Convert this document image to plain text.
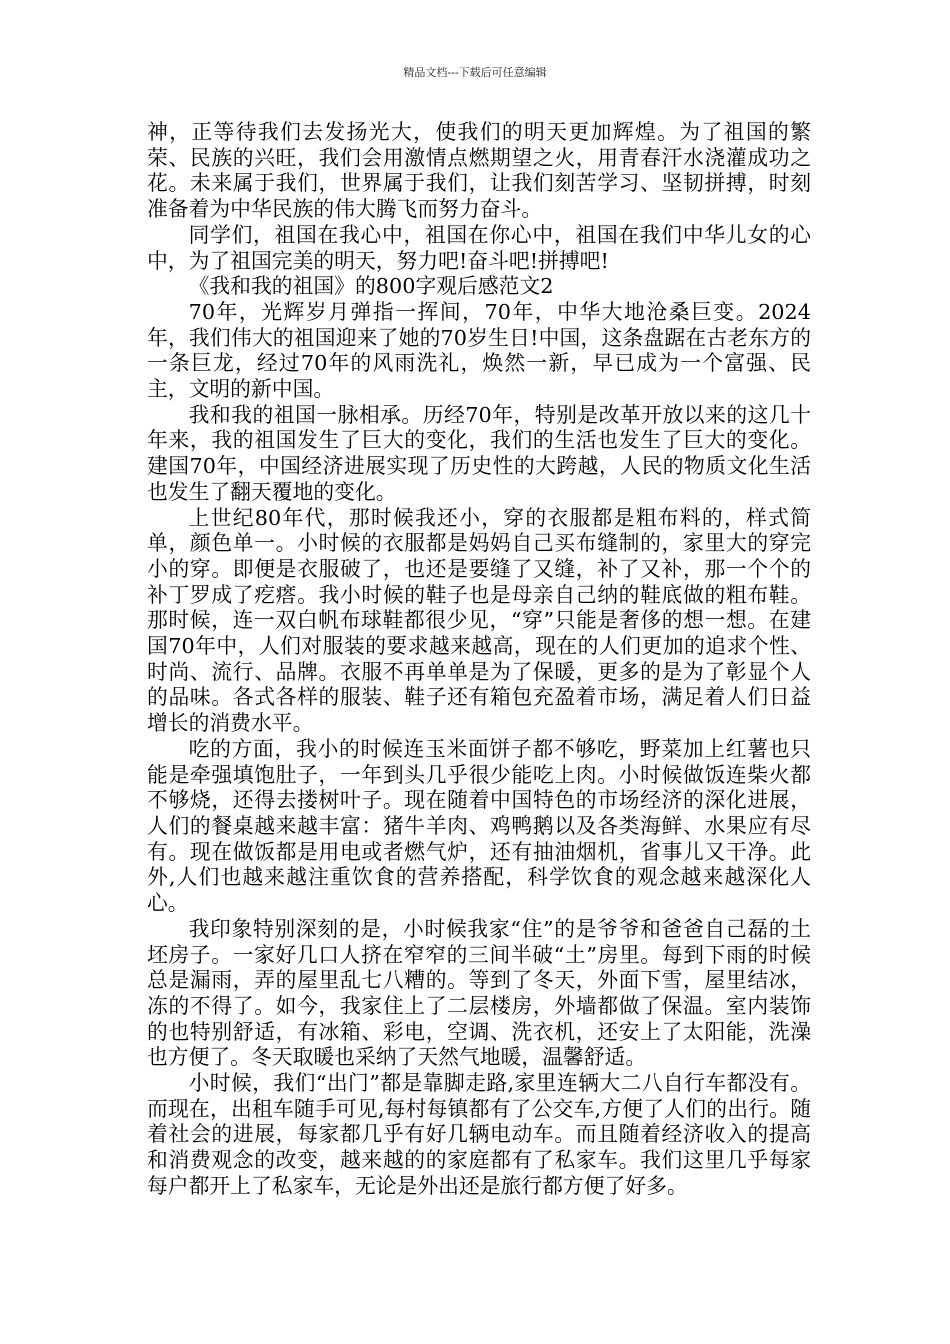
精品文档---下载后可任意编辑

神，正等待我们去发扬光大，使我们的明天更加辉煌。为了祖国的繁荣、民族的兴旺，我们会用激情点燃期望之火，用青春汗水浇灌成功之花。未来属于我们，世界属于我们，让我们刻苦学习、坚韧拼搏，时刻准备着为中华民族的伟大腾飞而努力奋斗。

同学们，祖国在我心中，祖国在你心中，祖国在我们中华儿女的心中，为了祖国完美的明天，努力吧!奋斗吧!拼搏吧!

《我和我的祖国》的800字观后感范文2

70年，光辉岁月弹指一挥间，70年，中华大地沧桑巨变。2024年，我们伟大的祖国迎来了她的70岁生日!中国，这条盘踞在古老东方的一条巨龙，经过70年的风雨洗礼，焕然一新，早已成为一个富强、民主，文明的新中国。

我和我的祖国一脉相承。历经70年，特别是改革开放以来的这几十年来，我的祖国发生了巨大的变化，我们的生活也发生了巨大的变化。建国70年，中国经济进展实现了历史性的大跨越，人民的物质文化生活也发生了翻天覆地的变化。

上世纪80年代，那时候我还小，穿的衣服都是粗布料的，样式简单，颜色单一。小时候的衣服都是妈妈自己买布缝制的，家里大的穿完小的穿。即便是衣服破了，也还是要缝了又缝，补了又补，那一个个的补丁罗成了疙瘩。我小时候的鞋子也是母亲自己纳的鞋底做的粗布鞋。那时候，连一双白帆布球鞋都很少见，“穿”只能是奢侈的想一想。在建国70年中，人们对服装的要求越来越高，现在的人们更加的追求个性、时尚、流行、品牌。衣服不再单单是为了保暖，更多的是为了彰显个人的品味。各式各样的服装、鞋子还有箱包充盈着市场，满足着人们日益增长的消费水平。

吃的方面，我小的时候连玉米面饼子都不够吃，野菜加上红薯也只能是牵强填饱肚子，一年到头几乎很少能吃上肉。小时候做饭连柴火都不够烧，还得去搂树叶子。现在随着中国特色的市场经济的深化进展，人们的餐桌越来越丰富：猪牛羊肉、鸡鸭鹅以及各类海鲜、水果应有尽有。现在做饭都是用电或者燃气炉，还有抽油烟机，省事儿又干净。此外,人们也越来越注重饮食的营养搭配，科学饮食的观念越来越深化人心。

我印象特别深刻的是，小时候我家“住”的是爷爷和爸爸自己磊的土坯房子。一家好几口人挤在窄窄的三间半破“土”房里。每到下雨的时候总是漏雨，弄的屋里乱七八糟的。等到了冬天，外面下雪，屋里结冰，冻的不得了。如今，我家住上了二层楼房，外墙都做了保温。室内装饰的也特别舒适，有冰箱、彩电，空调、洗衣机，还安上了太阳能，洗澡也方便了。冬天取暖也采纳了天然气地暖，温馨舒适。

小时候，我们“出门”都是靠脚走路,家里连辆大二八自行车都没有。而现在，出租车随手可见,每村每镇都有了公交车,方便了人们的出行。随着社会的进展，每家都几乎有好几辆电动车。而且随着经济收入的提高和消费观念的改变，越来越的的家庭都有了私家车。我们这里几乎每家每户都开上了私家车，无论是外出还是旅行都方便了好多。
